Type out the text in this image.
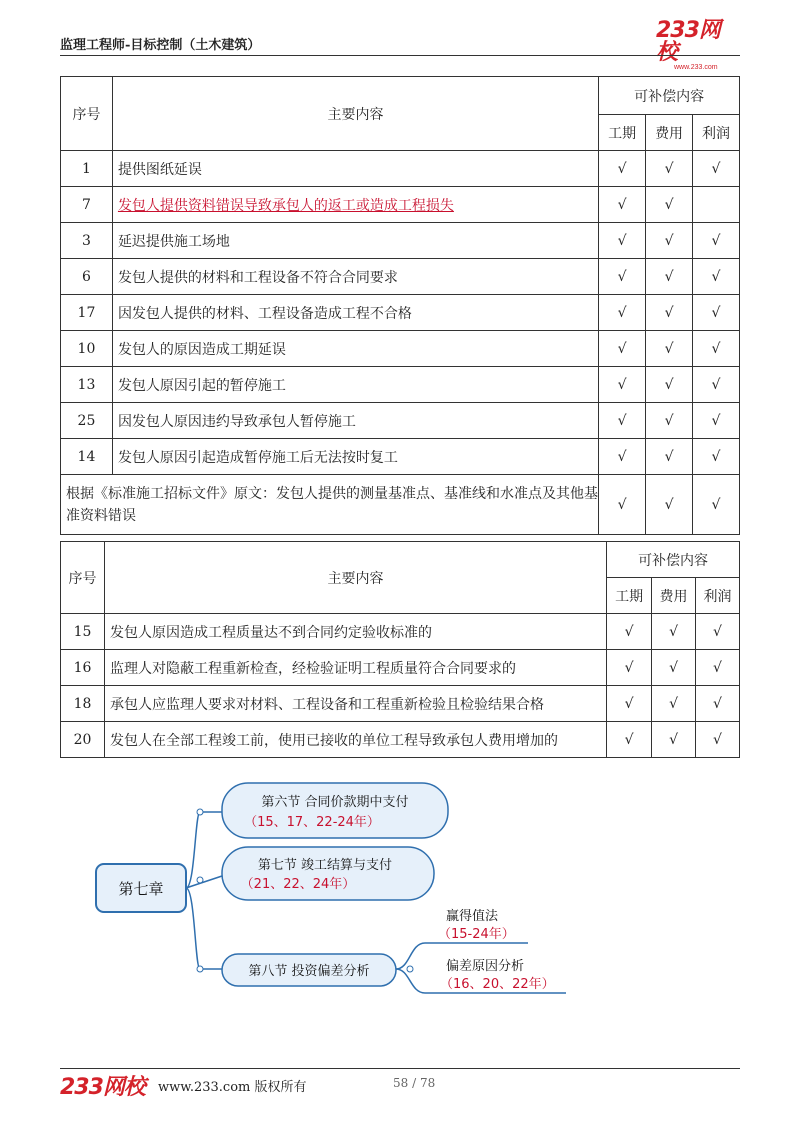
监理工程师-目标控制（土木建筑）
233网校
www.233.com
序号	主要内容	可补偿内容		
		工期	费用	利润
1	提供图纸延误	√	√	√
7	发包人提供资料错误导致承包人的返工或造成工程损失	√	√	
3	延迟提供施工场地	√	√	√
6	发包人提供的材料和工程设备不符合合同要求	√	√	√
17	因发包人提供的材料、工程设备造成工程不合格	√	√	√
10	发包人的原因造成工期延误	√	√	√
13	发包人原因引起的暂停施工	√	√	√
25	因发包人原因违约导致承包人暂停施工	√	√	√
14	发包人原因引起造成暂停施工后无法按时复工	√	√	√
根据《标准施工招标文件》原文：发包人提供的测量基准点、基准线和水准点及其他基准资料错误		√	√	√
序号	主要内容	可补偿内容		
		工期	费用	利润
15	发包人原因造成工程质量达不到合同约定验收标准的	√	√	√
16	监理人对隐蔽工程重新检查，经检验证明工程质量符合合同要求的	√	√	√
18	承包人应监理人要求对材料、工程设备和工程重新检验且检验结果合格	√	√	√
20	发包人在全部工程竣工前，使用已接收的单位工程导致承包人费用增加的	√	√	√
第七章
第六节 合同价款期中支付
（15、17、22-24年）
第七节 竣工结算与支付
（21、22、24年）
第八节 投资偏差分析
赢得值法
（15-24年）
偏差原因分析
（16、20、22年）
233网校 www.233.com 版权所有	58 / 78
